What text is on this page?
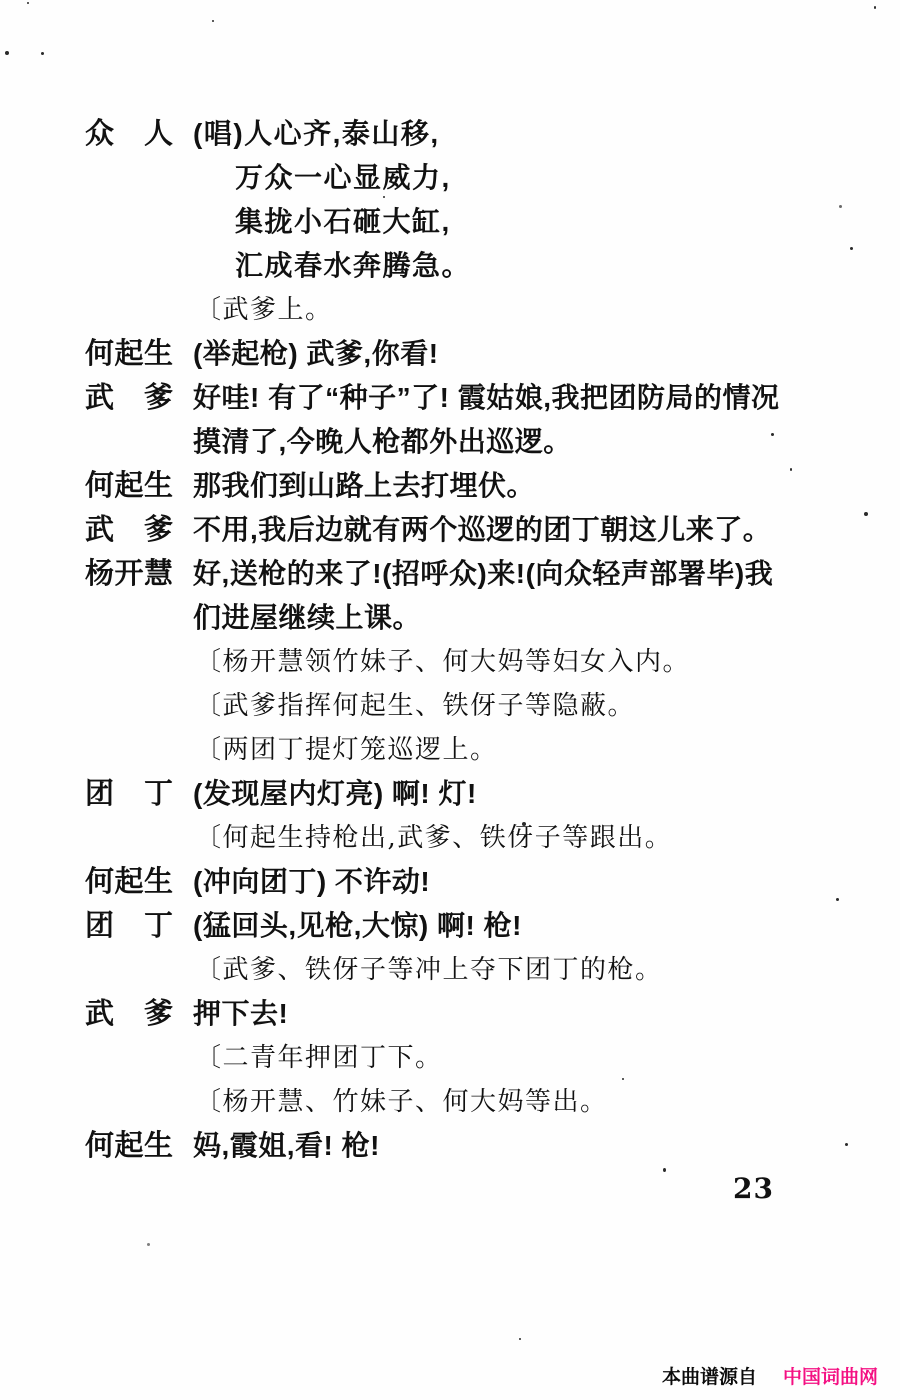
众　人 (唱)人心齐,泰山移,
万众一心显威力,
集拢小石砸大缸,
汇成春水奔腾急。
〔武爹上。
何起生 (举起枪) 武爹,你看!
武　爹 好哇! 有了“种子”了! 霞姑娘,我把团防局的情况
摸清了,今晚人枪都外出巡逻。
何起生 那我们到山路上去打埋伏。
武　爹 不用,我后边就有两个巡逻的团丁朝这儿来了。
杨开慧 好,送枪的来了!(招呼众)来!(向众轻声部署毕)我
们进屋继续上课。
〔杨开慧领竹妹子、何大妈等妇女入内。
〔武爹指挥何起生、铁伢子等隐蔽。
〔两团丁提灯笼巡逻上。
团　丁 (发现屋内灯亮) 啊! 灯!
〔何起生持枪出,武爹、铁伢子等跟出。
何起生 (冲向团丁) 不许动!
团　丁 (猛回头,见枪,大惊) 啊! 枪!
〔武爹、铁伢子等冲上夺下团丁的枪。
武　爹 押下去!
〔二青年押团丁下。
〔杨开慧、竹妹子、何大妈等出。
何起生 妈,霞姐,看! 枪!
23
本曲谱源自 中国词曲网
